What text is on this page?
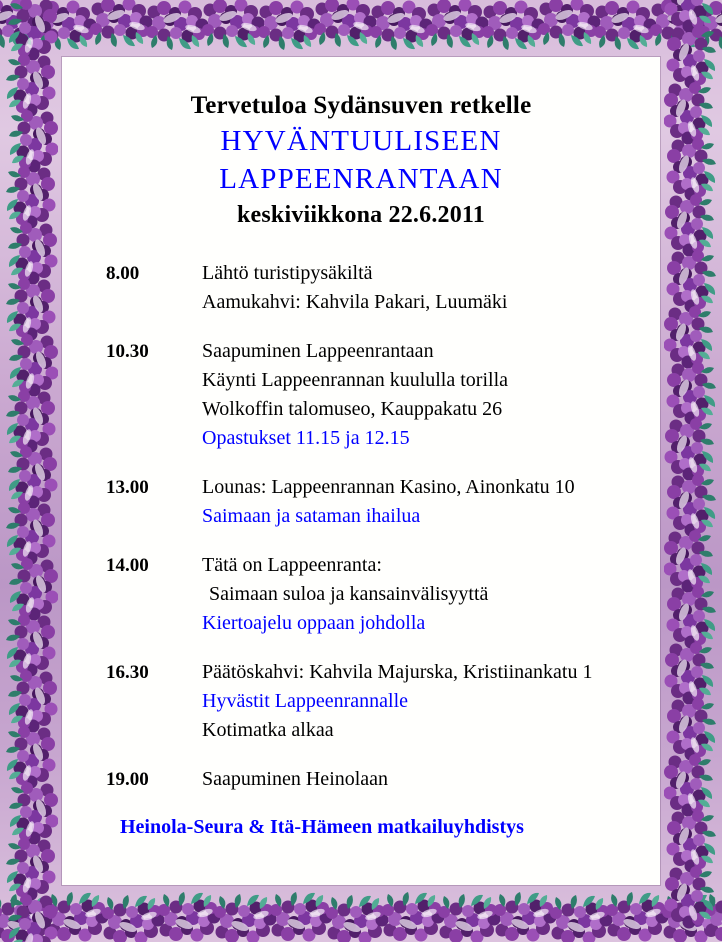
Tervetuloa Sydänsuven retkelle
HYVÄNTUULISEEN
LAPPEENRANTAAN
keskiviikkona 22.6.2011
8.00	Lähtö turistipysäkiltä
Aamukahvi: Kahvila Pakari, Luumäki
10.30	Saapuminen Lappeenrantaan
Käynti Lappeenrannan kuululla torilla
Wolkoffin talomuseo, Kauppakatu 26
Opastukset 11.15 ja 12.15
13.00	Lounas: Lappeenrannan Kasino, Ainonkatu 10
Saimaan ja sataman ihailua
14.00	Tätä on Lappeenranta:
Saimaan suloa ja kansainvälisyyttä
Kiertoajelu oppaan johdolla
16.30	Päätöskahvi: Kahvila Majurska, Kristiinankatu 1
Hyvästit Lappeenrannalle
Kotimatka alkaa
19.00	Saapuminen Heinolaan
Heinola-Seura & Itä-Hämeen matkailuyhdistys
